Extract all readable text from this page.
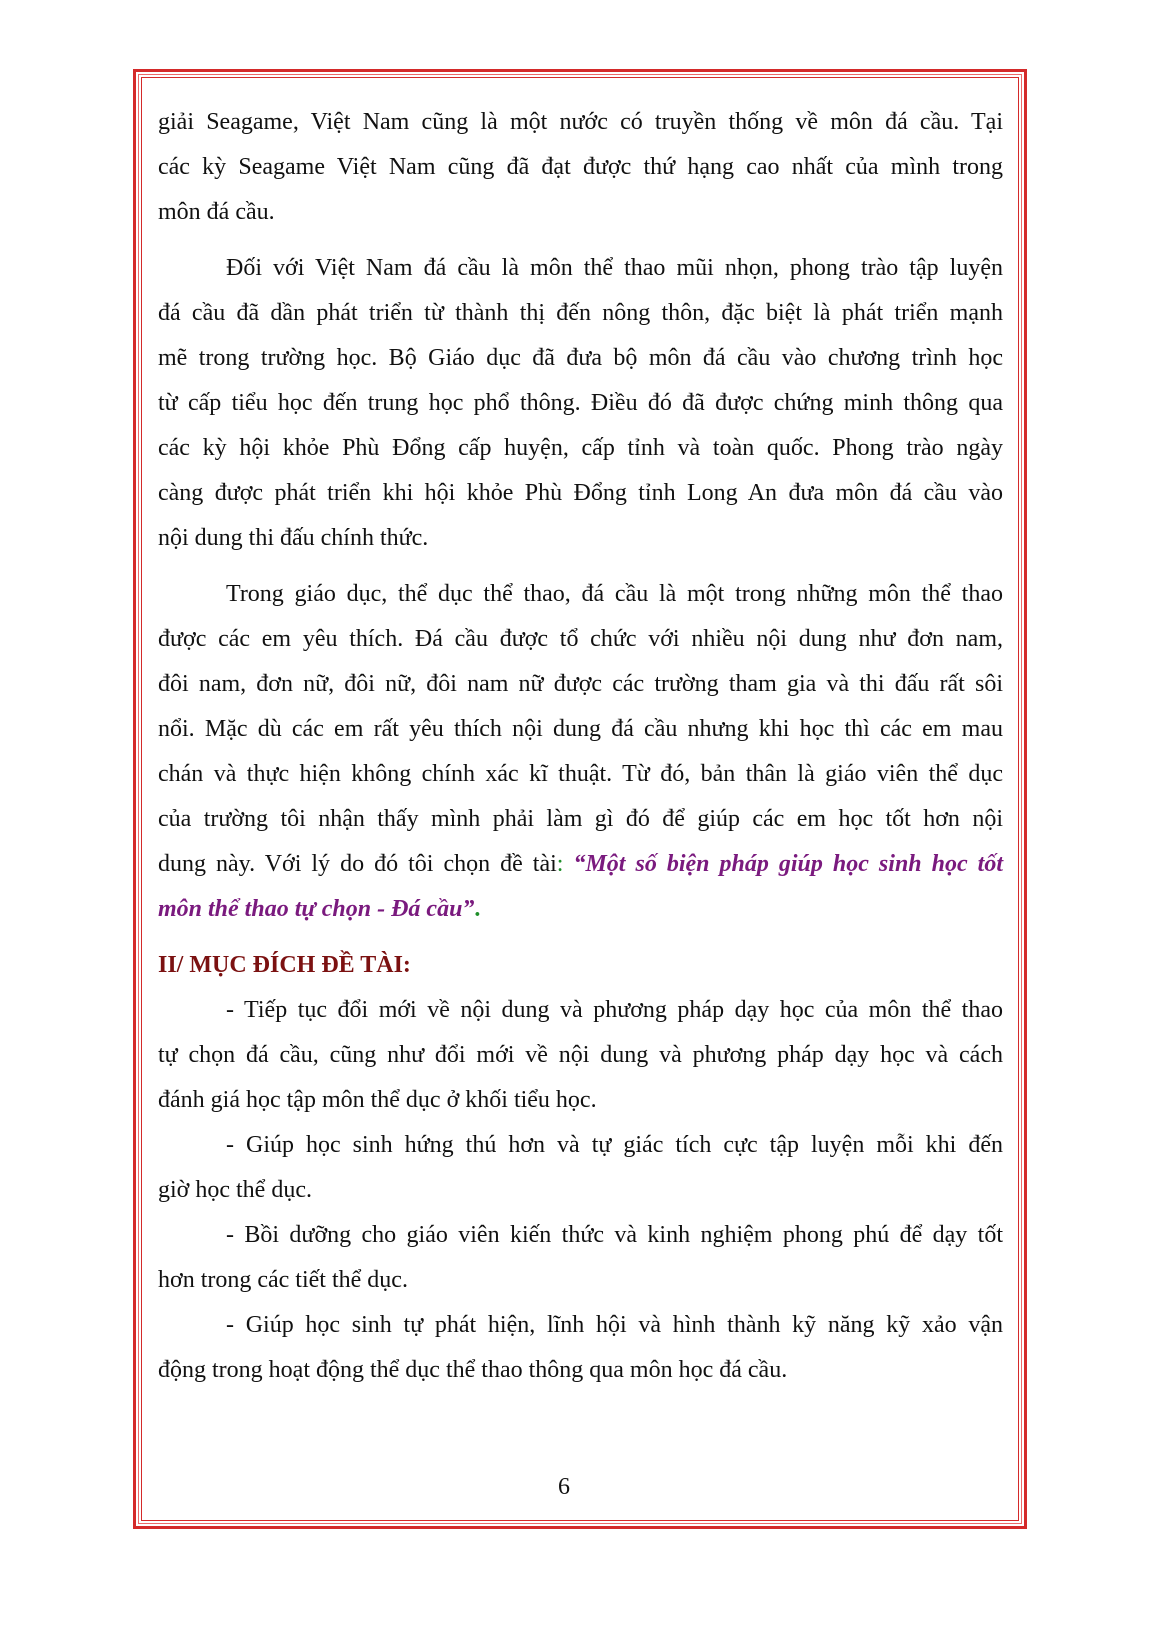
giải Seagame, Việt Nam cũng là một nước có truyền thống về môn đá cầu. Tại
các kỳ Seagame Việt Nam cũng đã đạt được thứ hạng cao nhất của mình trong
môn đá cầu.
Đối với Việt Nam đá cầu là môn thể thao mũi nhọn, phong trào tập luyện
đá cầu đã dần phát triển từ thành thị đến nông thôn, đặc biệt là phát triển mạnh
mẽ trong trường học. Bộ Giáo dục đã đưa bộ môn đá cầu vào chương trình học
từ cấp tiểu học đến trung học phổ thông. Điều đó đã được chứng minh thông qua
các kỳ hội khỏe Phù Đổng cấp huyện, cấp tỉnh và toàn quốc. Phong trào ngày
càng được phát triển khi hội khỏe Phù Đổng tỉnh Long An đưa môn đá cầu vào
nội dung thi đấu chính thức.
Trong giáo dục, thể dục thể thao, đá cầu là một trong những môn thể thao
được các em yêu thích. Đá cầu được tổ chức với nhiều nội dung như đơn nam,
đôi nam, đơn nữ, đôi nữ, đôi nam nữ được các trường tham gia và thi đấu rất sôi
nổi. Mặc dù các em rất yêu thích nội dung đá cầu nhưng khi học thì các em mau
chán và thực hiện không chính xác kĩ thuật. Từ đó, bản thân là giáo viên thể dục
của trường tôi nhận thấy mình phải làm gì đó để giúp các em học tốt hơn nội
dung này. Với lý do đó tôi chọn đề tài: “Một số biện pháp giúp học sinh học tốt
môn thể thao tự chọn - Đá cầu”.
II/ MỤC ĐÍCH ĐỀ TÀI:
- Tiếp tục đổi mới về nội dung và phương pháp dạy học của môn thể thao
tự chọn đá cầu, cũng như đổi mới về nội dung và phương pháp dạy học và cách
đánh giá học tập môn thể dục ở khối tiểu học.
- Giúp học sinh hứng thú hơn và tự giác tích cực tập luyện mỗi khi đến
giờ học thể dục.
- Bồi dưỡng cho giáo viên kiến thức và kinh nghiệm phong phú để dạy tốt
hơn trong các tiết thể dục.
- Giúp học sinh tự phát hiện, lĩnh hội và hình thành kỹ năng kỹ xảo vận
động trong hoạt động thể dục thể thao thông qua môn học đá cầu.
6
